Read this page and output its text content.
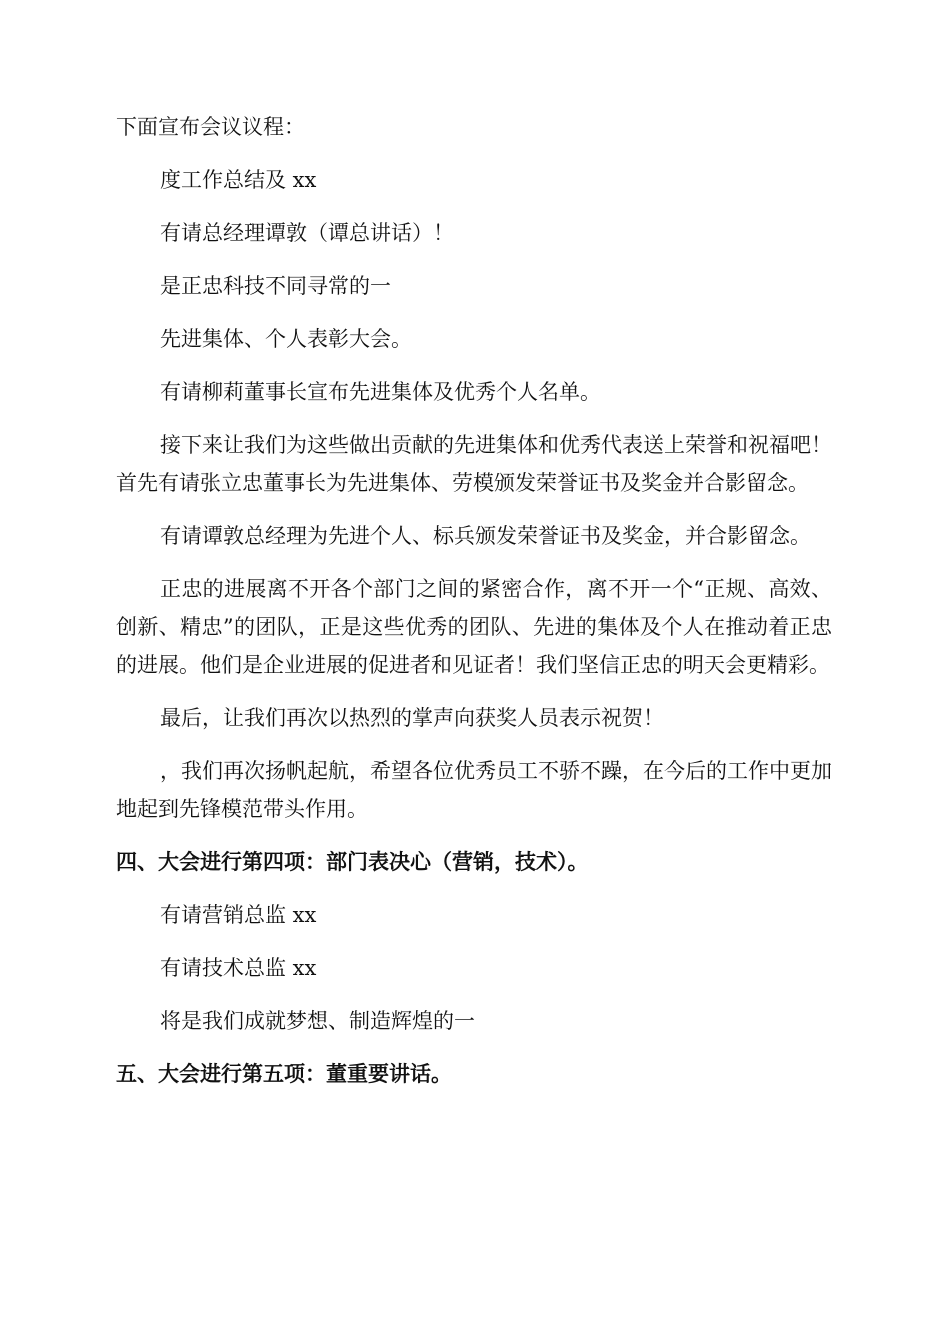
下面宣布会议议程：

度工作总结及 xx

有请总经理谭敦（谭总讲话）！

是正忠科技不同寻常的一

先进集体、个人表彰大会。

有请柳莉董事长宣布先进集体及优秀个人名单。

接下来让我们为这些做出贡献的先进集体和优秀代表送上荣誉和祝福吧！首先有请张立忠董事长为先进集体、劳模颁发荣誉证书及奖金并合影留念。

有请谭敦总经理为先进个人、标兵颁发荣誉证书及奖金，并合影留念。

正忠的进展离不开各个部门之间的紧密合作，离不开一个“正规、高效、创新、精忠”的团队，正是这些优秀的团队、先进的集体及个人在推动着正忠的进展。他们是企业进展的促进者和见证者！我们坚信正忠的明天会更精彩。

最后，让我们再次以热烈的掌声向获奖人员表示祝贺！

，我们再次扬帆起航，希望各位优秀员工不骄不躁，在今后的工作中更加地起到先锋模范带头作用。

四、大会进行第四项：部门表决心（营销，技术）。

有请营销总监 xx

有请技术总监 xx

将是我们成就梦想、制造辉煌的一

五、大会进行第五项：董重要讲话。
